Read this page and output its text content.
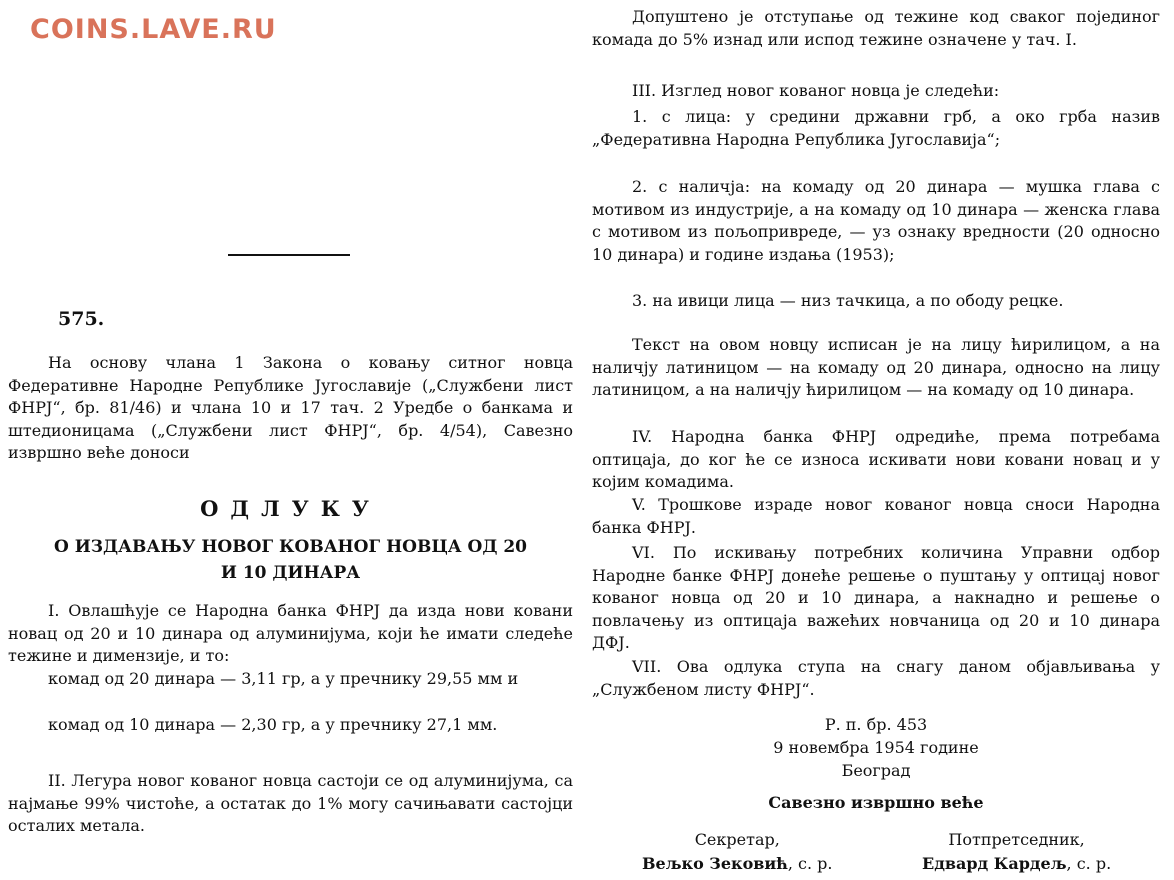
COINS.LAVE.RU
575.

На основу члана 1 Закона о ковању ситног новца Федеративне Народне Републике Југославије („Службени лист ФНРЈ“, бр. 81/46) и члана 10 и 17 тач. 2 Уредбе о банкама и штедионицама („Службени лист ФНРЈ“, бр. 4/54), Савезно извршно веће доноси

ОДЛУКУ
О ИЗДАВАЊУ НОВОГ КОВАНОГ НОВЦА ОД 20
И 10 ДИНАРА

I. Овлашћује се Народна банка ФНРЈ да изда нови ковани новац од 20 и 10 динара од алуминијума, који ће имати следеће тежине и димензије, и то:

комад од 20 динара — 3,11 гр, а у пречнику 29,55 мм и

комад од 10 динара — 2,30 гр, а у пречнику 27,1 мм.

II. Легура новог кованог новца састоји се од алуминијума, са најмање 99% чистоће, а остатак до 1% могу сачињавати састојци осталих метала.

Допуштено је отступање од тежине код сваког појединог комада до 5% изнад или испод тежине означене у тач. I.

III. Изглед новог кованог новца је следећи:

1. с лица: у средини државни грб, а око грба назив „Федеративна Народна Република Југославија“;

2. с наличја: на комаду од 20 динара — мушка глава с мотивом из индустрије, а на комаду од 10 динара — женска глава с мотивом из пољопривреде, — уз ознаку вредности (20 односно 10 динара) и године издања (1953);

3. на ивици лица — низ тачкица, а по ободу рецке.

Текст на овом новцу исписан је на лицу ћирилицом, а на наличју латиницом — на комаду од 20 динара, односно на лицу латиницом, а на наличју ћирилицом — на комаду од 10 динара.

IV. Народна банка ФНРЈ одредиће, према потребама оптицаја, до ког ће се износа искивати нови ковани новац и у којим комадима.

V. Трошкове израде новог кованог новца сноси Народна банка ФНРЈ.

VI. По искивању потребних количина Управни одбор Народне банке ФНРЈ донеће решење о пуштању у оптицај новог кованог новца од 20 и 10 динара, а накнадно и решење о повлачењу из оптицаја важећих новчаница од 20 и 10 динара ДФЈ.

VII. Ова одлука ступа на снагу даном објављивања у „Службеном листу ФНРЈ“.

Р. п. бр. 453

9 новембра 1954 године

Београд

Савезно извршно веће

Секретар,
Вељко Зековић, с. р.
Потпретседник,
Едвард Кардељ, с. р.
